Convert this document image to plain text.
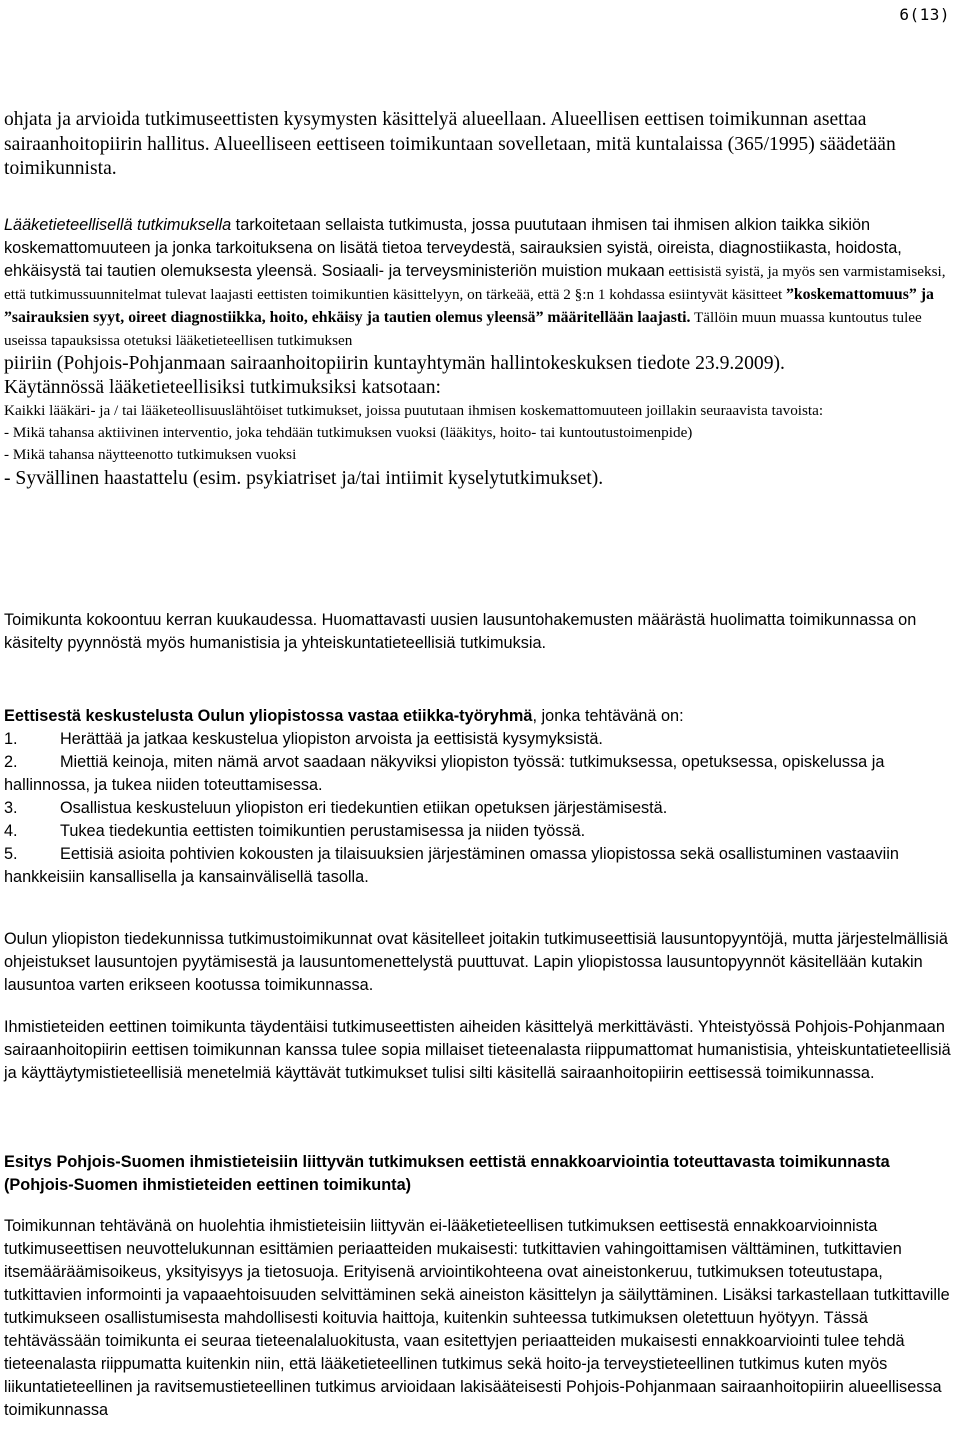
6(13)

ohjata ja arvioida tutkimuseettisten kysymysten käsittelyä alueellaan. Alueellisen eettisen toimikunnan asettaa sairaanhoitopiirin hallitus. Alueelliseen eettiseen toimikuntaan sovelletaan, mitä kuntalaissa (365/1995) säädetään toimikunnista.

Lääketieteellisellä tutkimuksella tarkoitetaan sellaista tutkimusta, jossa puututaan ihmisen tai ihmisen alkion taikka sikiön koskemattomuuteen ja jonka tarkoituksena on lisätä tietoa terveydestä, sairauksien syistä, oireista, diagnostiikasta, hoidosta, ehkäisystä tai tautien olemuksesta yleensä. Sosiaali- ja terveysministeriön muistion mukaan eettisistä syistä, ja myös sen varmistamiseksi, että tutkimussuunnitelmat tulevat laajasti eettisten toimikuntien käsittelyyn, on tärkeää, että 2 §:n 1 kohdassa esiintyvät käsitteet ”koskemattomuus” ja ”sairauksien syyt, oireet diagnostiikka, hoito, ehkäisy ja tautien olemus yleensä” määritellään laajasti. Tällöin muun muassa kuntoutus tulee useissa tapauksissa otetuksi lääketieteellisen tutkimuksen
piiriin (Pohjois-Pohjanmaan sairaanhoitopiirin kuntayhtymän hallintokeskuksen tiedote 23.9.2009).
Käytännössä lääketieteellisiksi tutkimuksiksi katsotaan:
Kaikki lääkäri- ja / tai lääketeollisuuslähtöiset tutkimukset, joissa puututaan ihmisen koskemattomuuteen joillakin seuraavista tavoista:
- Mikä tahansa aktiivinen interventio, joka tehdään tutkimuksen vuoksi (lääkitys, hoito- tai kuntoutustoimenpide)
- Mikä tahansa näytteenotto tutkimuksen vuoksi
- Syvällinen haastattelu (esim. psykiatriset ja/tai intiimit kyselytutkimukset).

Toimikunta kokoontuu kerran kuukaudessa. Huomattavasti uusien lausuntohakemusten määrästä huolimatta toimikunnassa on käsitelty pyynnöstä myös humanistisia ja yhteiskuntatieteellisiä tutkimuksia.

Eettisestä keskustelusta Oulun yliopistossa vastaa etiikka-työryhmä, jonka tehtävänä on:
1.	Herättää ja jatkaa keskustelua yliopiston arvoista ja eettisistä kysymyksistä.
2.	Miettiä keinoja, miten nämä arvot saadaan näkyviksi yliopiston työssä: tutkimuksessa, opetuksessa, opiskelussa ja hallinnossa, ja tukea niiden toteuttamisessa.
3.	Osallistua keskusteluun yliopiston eri tiedekuntien etiikan opetuksen järjestämisestä.
4.	Tukea tiedekuntia eettisten toimikuntien perustamisessa ja niiden työssä.
5.	Eettisiä asioita pohtivien kokousten ja tilaisuuksien järjestäminen omassa yliopistossa sekä osallistuminen vastaaviin hankkeisiin kansallisella ja kansainvälisellä tasolla.

Oulun yliopiston tiedekunnissa tutkimustoimikunnat ovat käsitelleet joitakin tutkimuseettisiä lausuntopyyntöjä, mutta järjestelmällisiä ohjeistukset lausuntojen pyytämisestä ja lausuntomenettelystä puuttuvat. Lapin yliopistossa lausuntopyynnöt käsitellään kutakin lausuntoa varten erikseen kootussa toimikunnassa.

Ihmistieteiden eettinen toimikunta täydentäisi tutkimuseettisten aiheiden käsittelyä merkittävästi. Yhteistyössä Pohjois-Pohjanmaan sairaanhoitopiirin eettisen toimikunnan kanssa tulee sopia millaiset tieteenalasta riippumattomat humanistisia, yhteiskuntatieteellisiä ja käyttäytymistieteellisiä menetelmiä käyttävät tutkimukset tulisi silti käsitellä sairaanhoitopiirin eettisessä toimikunnassa.

Esitys Pohjois-Suomen ihmistieteisiin liittyvän tutkimuksen eettistä ennakkoarviointia toteuttavasta toimikunnasta (Pohjois-Suomen ihmistieteiden eettinen toimikunta)

Toimikunnan tehtävänä on huolehtia ihmistieteisiin liittyvän ei-lääketieteellisen tutkimuksen eettisestä ennakkoarvioinnista tutkimuseettisen neuvottelukunnan esittämien periaatteiden mukaisesti: tutkittavien vahingoittamisen välttäminen, tutkittavien itsemääräämisoikeus, yksityisyys ja tietosuoja. Erityisenä arviointikohteena ovat aineistonkeruu, tutkimuksen toteutustapa, tutkittavien informointi ja vapaaehtoisuuden selvittäminen sekä aineiston käsittelyn ja säilyttäminen. Lisäksi tarkastellaan tutkittaville tutkimukseen osallistumisesta mahdollisesti koituvia haittoja, kuitenkin suhteessa tutkimuksen oletettuun hyötyyn. Tässä tehtävässään toimikunta ei seuraa tieteenalaluokitusta, vaan esitettyjen periaatteiden mukaisesti ennakkoarviointi tulee tehdä tieteenalasta riippumatta kuitenkin niin, että lääketieteellinen tutkimus sekä hoito-ja terveystieteellinen tutkimus kuten myös liikuntatieteellinen ja ravitsemustieteellinen tutkimus arvioidaan lakisääteisesti Pohjois-Pohjanmaan sairaanhoitopiirin alueellisessa toimikunnassa
